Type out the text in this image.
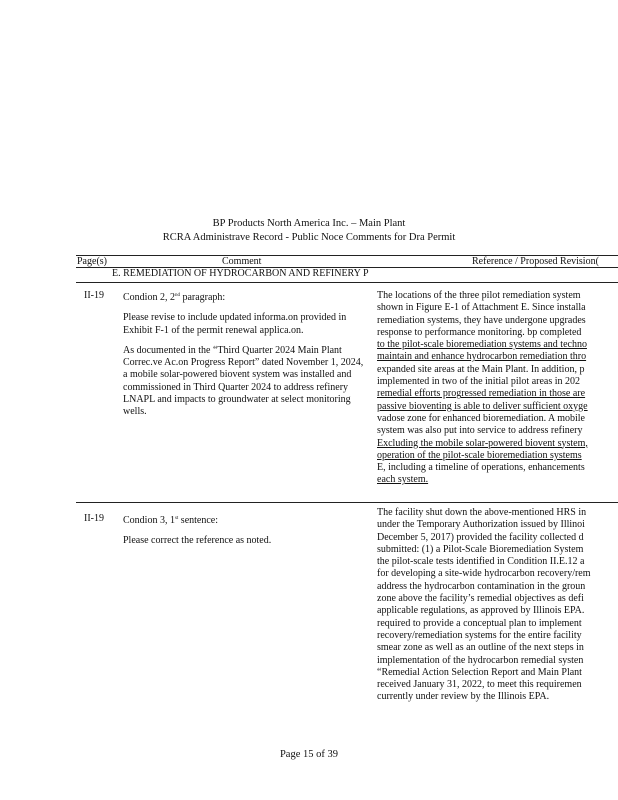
BP Products North America Inc. – Main Plant
RCRA Administrave Record - Public Noce Comments for Dra Permit
Page(s)	Comment	Reference / Proposed Revision(
E. REMEDIATION OF HYDROCARBON AND REFINERY P
II-19 Condion 2, 2nd paragraph:

Please revise to include updated informa.on provided in Exhibit F-1 of the permit renewal applica.on.

As documented in the “Third Quarter 2024 Main Plant Correc.ve Ac.on Progress Report” dated November 1, 2024, a mobile solar-powered biovent system was installed and commissioned in Third Quarter 2024 to address refinery LNAPL and impacts to groundwater at select monitoring wells.

The locations of the three pilot remediation system
shown in Figure E-1 of Attachment E. Since installa
remediation systems, they have undergone upgrades
response to performance monitoring. bp completed
to the pilot-scale bioremediation systems and techno
maintain and enhance hydrocarbon remediation thro
expanded site areas at the Main Plant. In addition, p
implemented in two of the initial pilot areas in 202
remedial efforts progressed remediation in those are
passive bioventing is able to deliver sufficient oxyge
vadose zone for enhanced bioremediation. A mobile
system was also put into service to address refinery
Excluding the mobile solar-powered biovent system,
operation of the pilot-scale bioremediation systems
E, including a timeline of operations, enhancements
each system.
II-19 Condion 3, 1st sentence:

Please correct the reference as noted.

The facility shut down the above-mentioned HRS in
under the Temporary Authorization issued by Illinoi
December 5, 2017) provided the facility collected d
submitted: (1) a Pilot-Scale Bioremediation System
the pilot-scale tests identified in Condition II.E.12 a
for developing a site-wide hydrocarbon recovery/rem
address the hydrocarbon contamination in the groun
zone above the facility’s remedial objectives as defi
applicable regulations, as approved by Illinois EPA.
required to provide a conceptual plan to implement
recovery/remediation systems for the entire facility
smear zone as well as an outline of the next steps in
implementation of the hydrocarbon remedial systen
“Remedial Action Selection Report and Main Plant
received January 31, 2022, to meet this requiremen
currently under review by the Illinois EPA.
Page 15 of 39
